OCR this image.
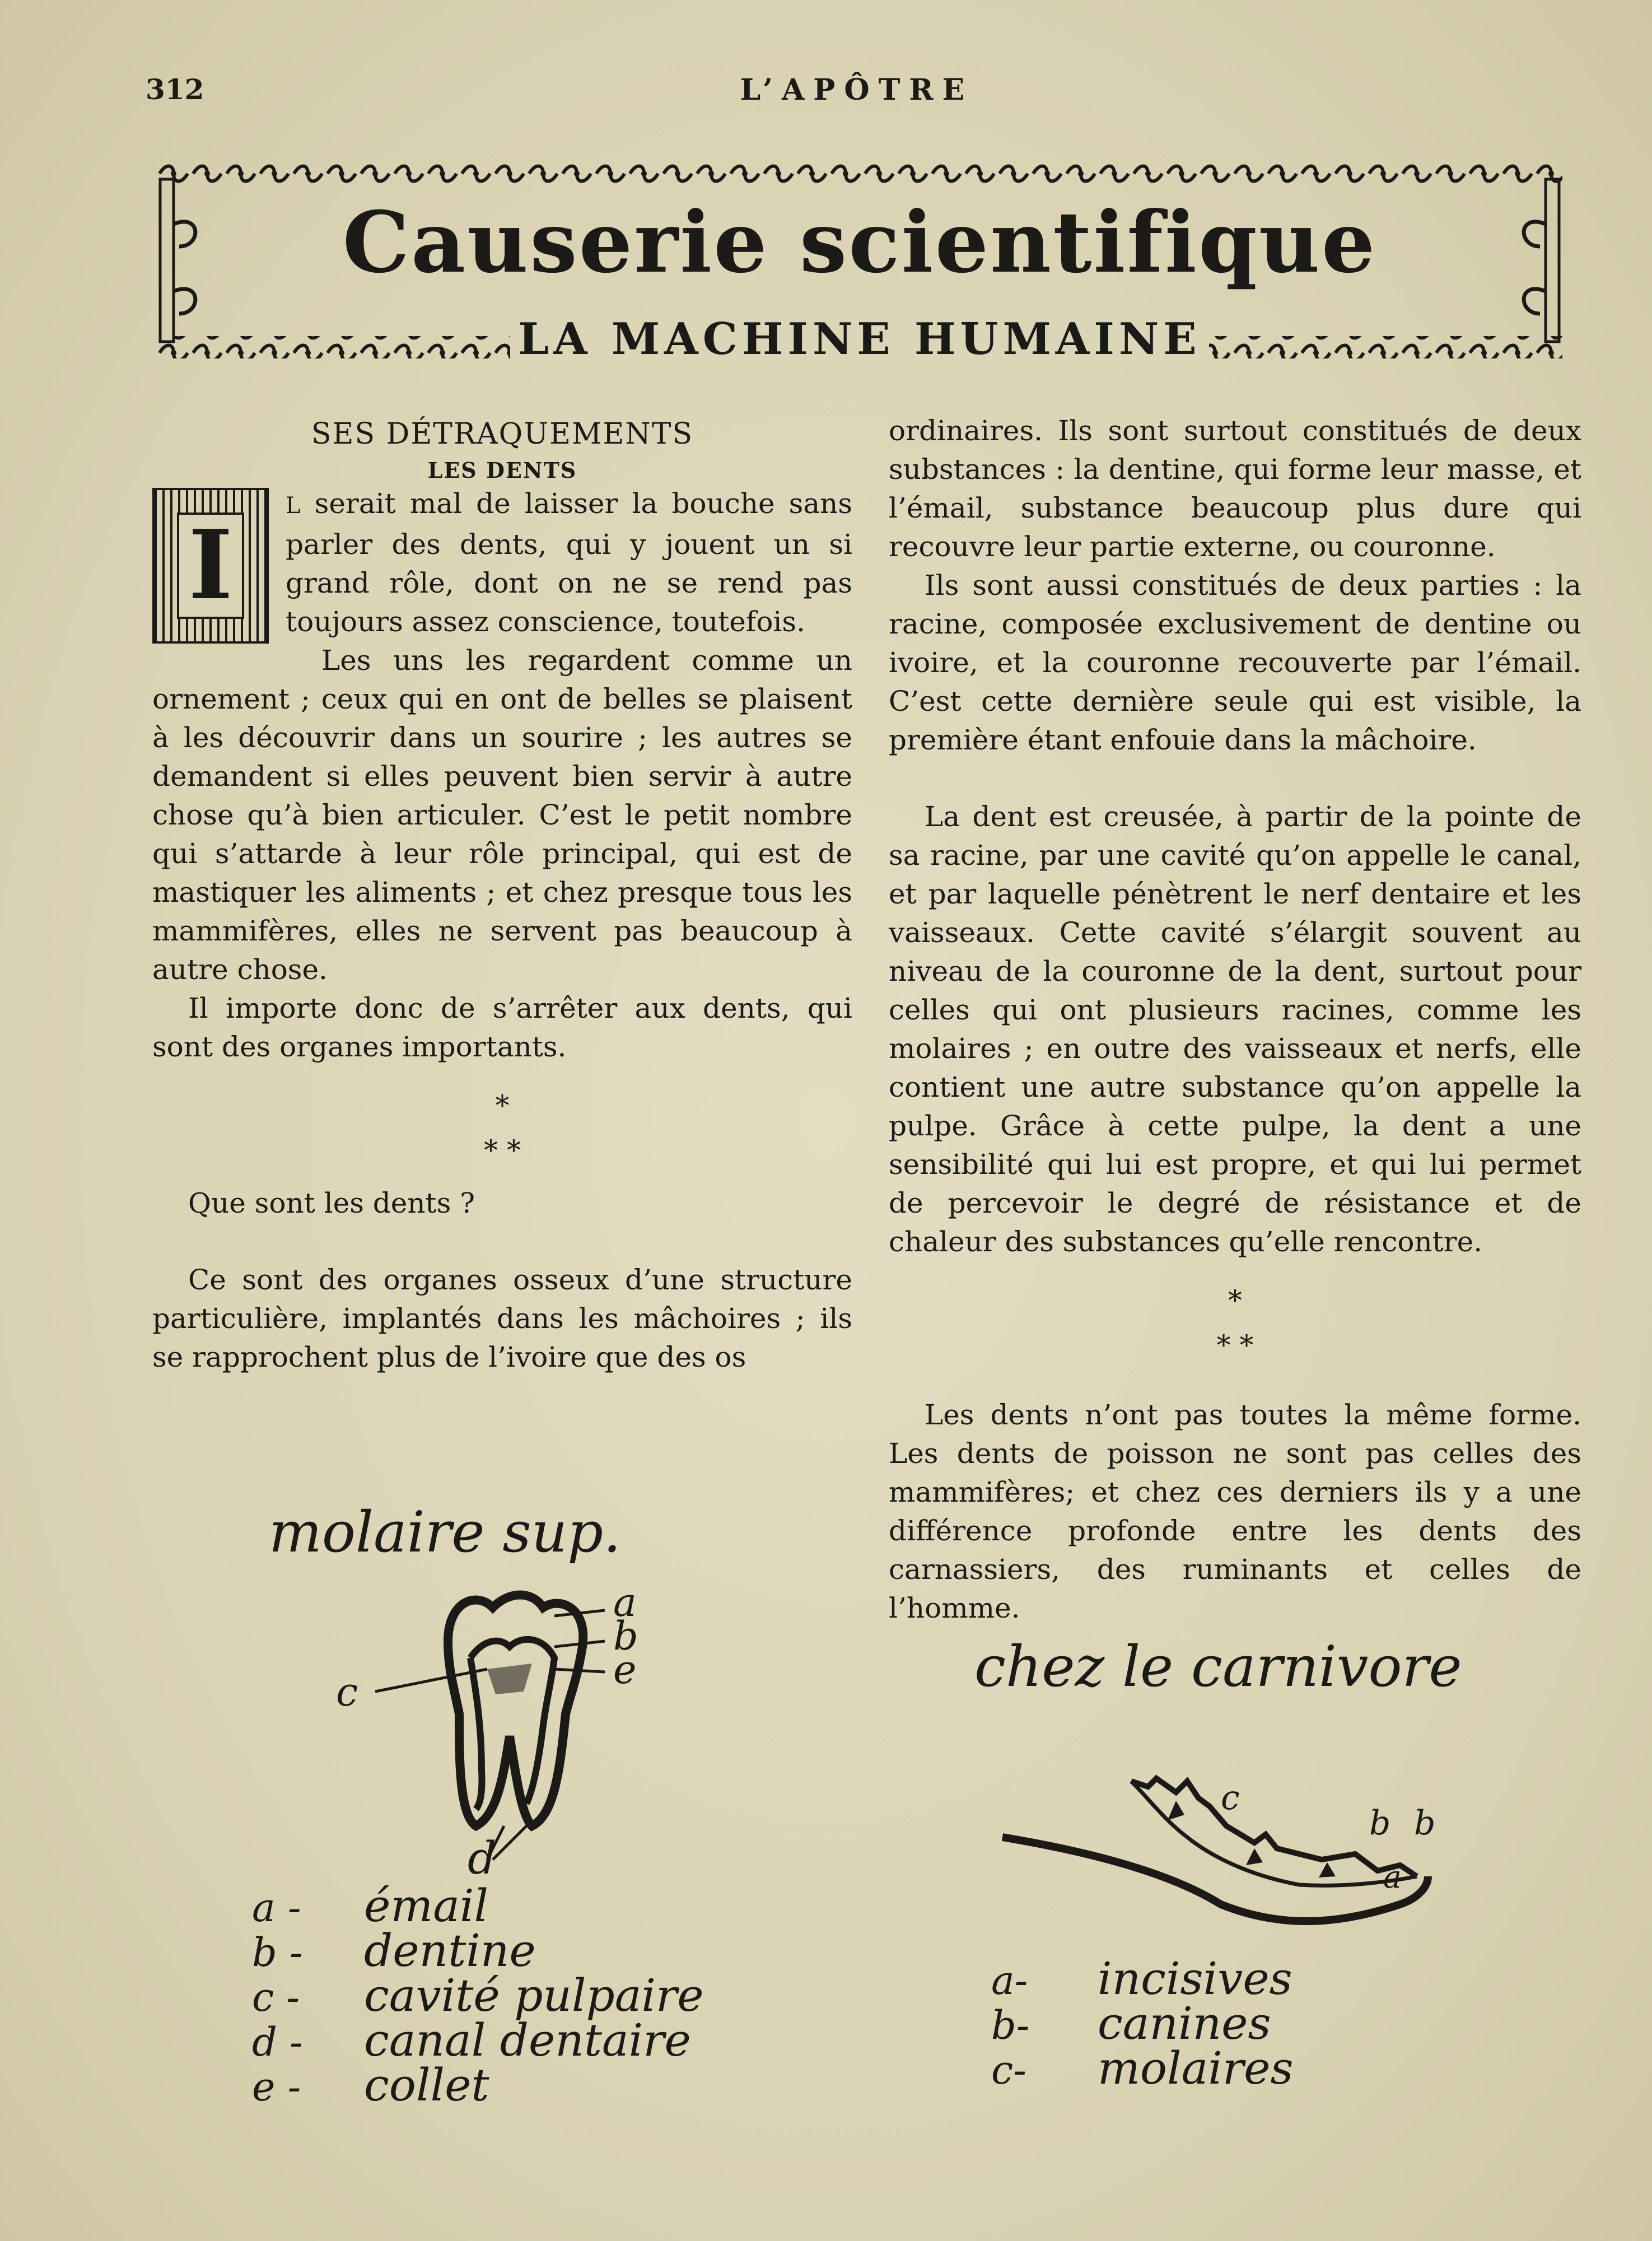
312	L’APÔTRE
Causerie scientifique
LA MACHINE HUMAINE

SES DÉTRAQUEMENTS

LES DENTS

I

L serait mal de laisser la bouche sans parler des dents, qui y jouent un si grand rôle, dont on ne se rend pas toujours assez conscience, toutefois.

Les uns les regardent comme un ornement ; ceux qui en ont de belles se plaisent à les découvrir dans un sourire ; les autres se demandent si elles peuvent bien servir à autre chose qu’à bien articuler. C’est le petit nombre qui s’attarde à leur rôle principal, qui est de mastiquer les aliments ; et chez presque tous les mammifères, elles ne servent pas beaucoup à autre chose.

Il importe donc de s’arrêter aux dents, qui sont des organes importants.

*

* *

Que sont les dents ?

Ce sont des organes osseux d’une structure particulière, implantés dans les mâchoires ; ils se rapprochent plus de l’ivoire que des os

ordinaires. Ils sont surtout constitués de deux substances : la dentine, qui forme leur masse, et l’émail, substance beaucoup plus dure qui recouvre leur partie externe, ou couronne.

Ils sont aussi constitués de deux parties : la racine, composée exclusivement de dentine ou ivoire, et la couronne recouverte par l’émail. C’est cette dernière seule qui est visible, la première étant enfouie dans la mâchoire.

La dent est creusée, à partir de la pointe de sa racine, par une cavité qu’on appelle le canal, et par laquelle pénètrent le nerf dentaire et les vaisseaux. Cette cavité s’élargit souvent au niveau de la couronne de la dent, surtout pour celles qui ont plusieurs racines, comme les molaires ; en outre des vaisseaux et nerfs, elle contient une autre substance qu’on appelle la pulpe. Grâce à cette pulpe, la dent a une sensibilité qui lui est propre, et qui lui permet de percevoir le degré de résistance et de chaleur des substances qu’elle rencontre.

*

* *

Les dents n’ont pas toutes la même forme. Les dents de poisson ne sont pas celles des mammifères; et chez ces derniers ils y a une différence profonde entre les dents des carnassiers, des ruminants et celles de l’homme.

molaire sup.
a
b
e
c
d
a - émail
b - dentine
c - cavité pulpaire
d - canal dentaire
e - collet
chez le carnivore
c
b b
a
a- incisives
b- canines
c- molaires
